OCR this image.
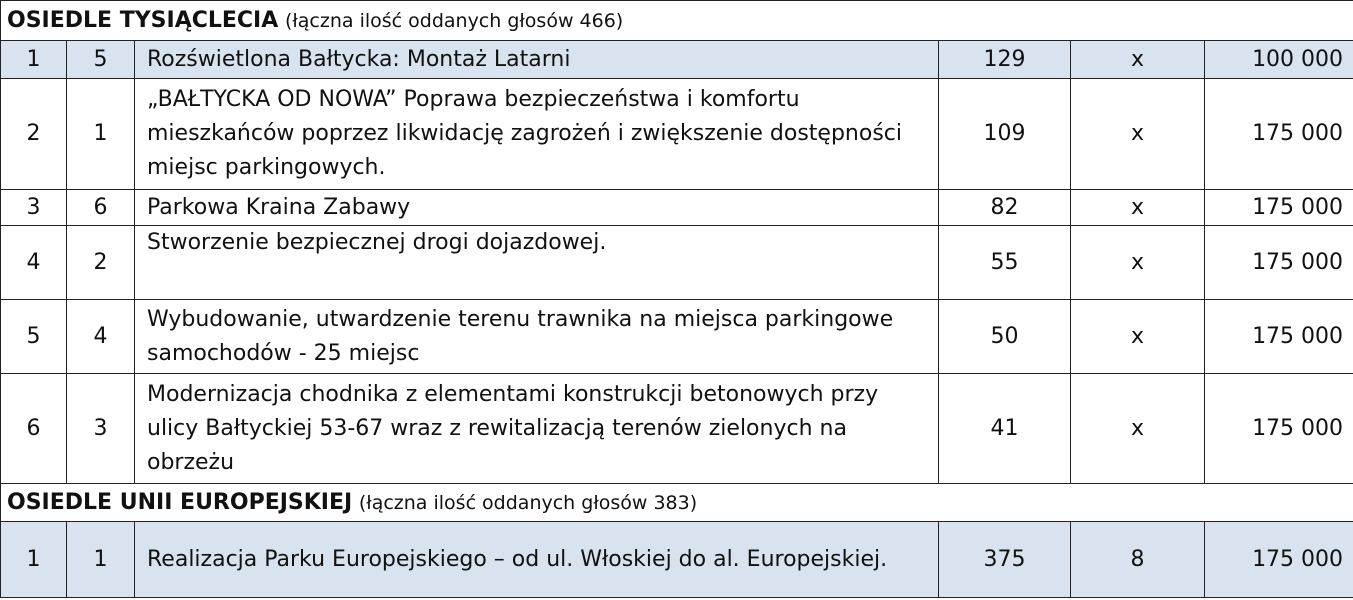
OSIEDLE TYSIĄCLECIA (łączna ilość oddanych głosów 466)					
1	5	Rozświetlona Bałtycka: Montaż Latarni	129	x	100 000
2	1	„BAŁTYCKA OD NOWA” Poprawa bezpieczeństwa i komfortu mieszkańców poprzez likwidację zagrożeń i zwiększenie dostępności miejsc parkingowych.	109	x	175 000
3	6	Parkowa Kraina Zabawy	82	x	175 000
4	2	Stworzenie bezpiecznej drogi dojazdowej.	55	x	175 000
5	4	Wybudowanie, utwardzenie terenu trawnika na miejsca parkingowe samochodów - 25 miejsc	50	x	175 000
6	3	Modernizacja chodnika z elementami konstrukcji betonowych przy ulicy Bałtyckiej 53-67 wraz z rewitalizacją terenów zielonych na obrzeżu	41	x	175 000
OSIEDLE UNII EUROPEJSKIEJ (łączna ilość oddanych głosów 383)					
1	1	Realizacja Parku Europejskiego – od ul. Włoskiej do al. Europejskiej.	375	8	175 000
